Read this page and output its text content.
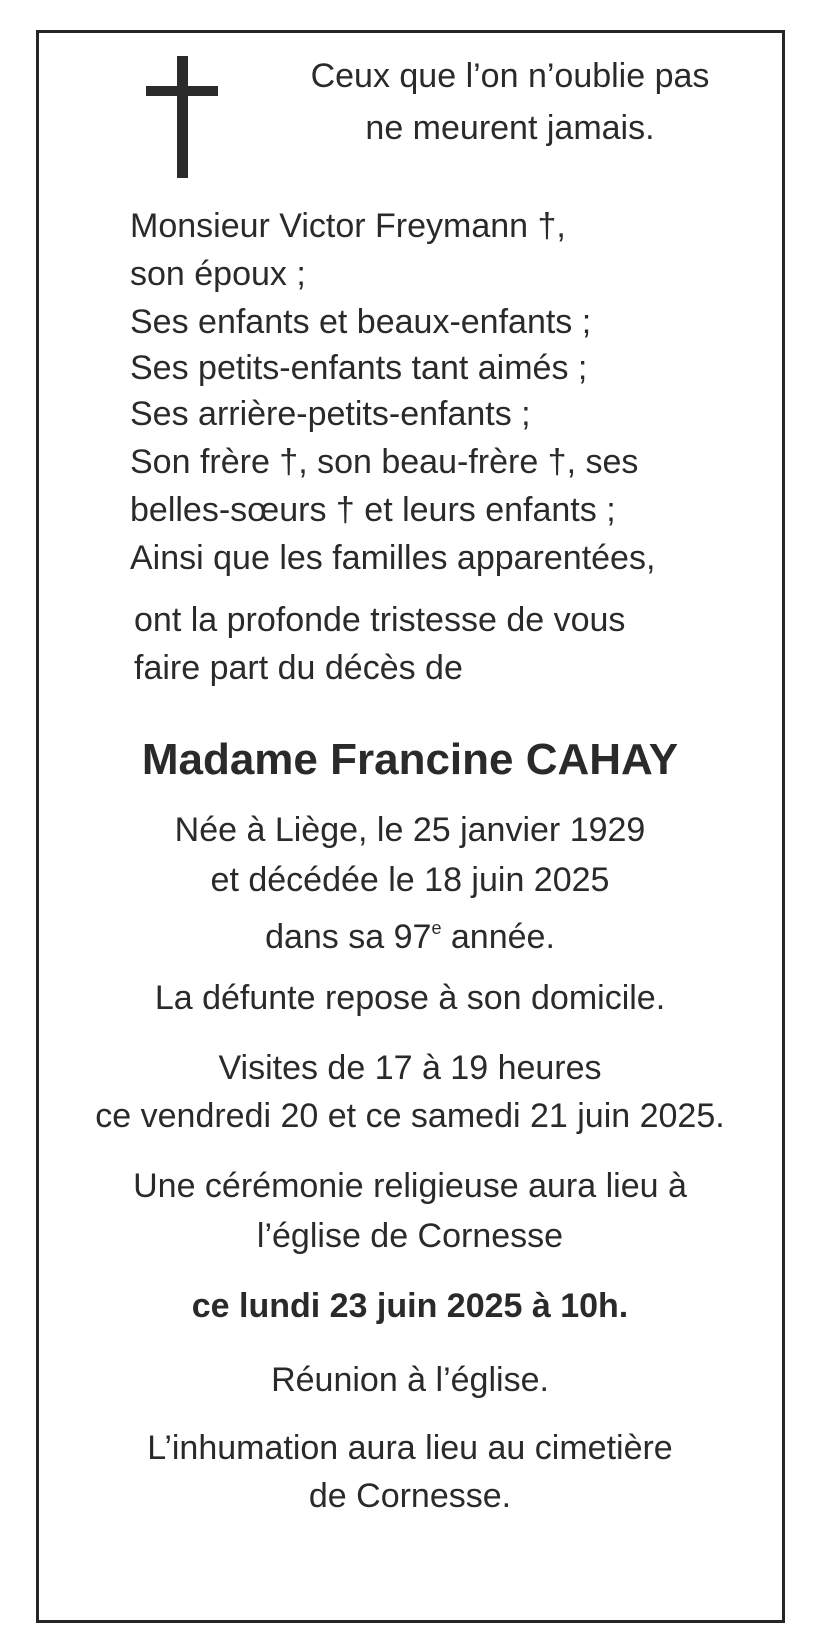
Ceux que l’on n’oublie pas
ne meurent jamais.
Monsieur Victor Freymann †,
son époux ;
Ses enfants et beaux-enfants ;
Ses petits-enfants tant aimés ;
Ses arrière-petits-enfants ;
Son frère †, son beau-frère †, ses
belles-sœurs † et leurs enfants ;
Ainsi que les familles apparentées,
ont la profonde tristesse de vous
faire part du décès de
Madame Francine CAHAY
Née à Liège, le 25 janvier 1929
et décédée le 18 juin 2025
dans sa 97e année.
La défunte repose à son domicile.
Visites de 17 à 19 heures
ce vendredi 20 et ce samedi 21 juin 2025.
Une cérémonie religieuse aura lieu à
l’église de Cornesse
ce lundi 23 juin 2025 à 10h.
Réunion à l’église.
L’inhumation aura lieu au cimetière
de Cornesse.
